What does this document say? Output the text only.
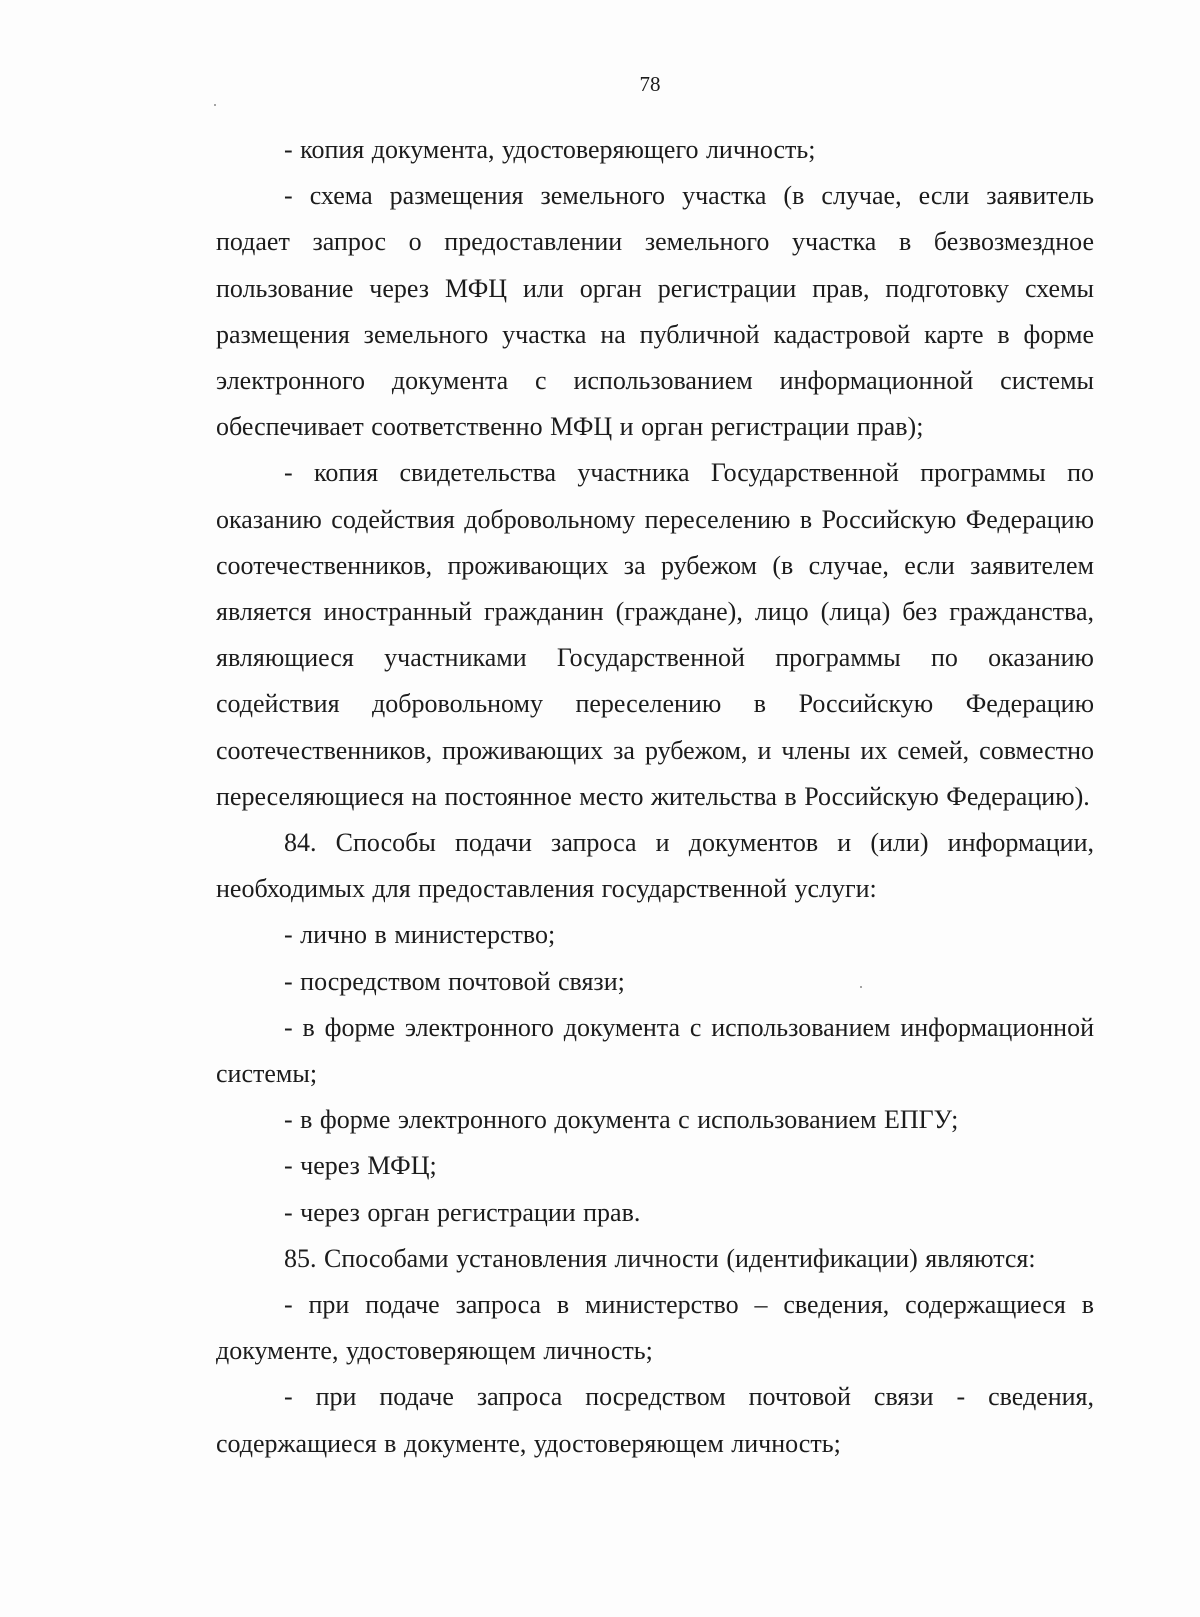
78

- копия документа, удостоверяющего личность;

- схема размещения земельного участка (в случае, если заявитель подает запрос о предоставлении земельного участка в безвозмездное пользование через МФЦ или орган регистрации прав, подготовку схемы размещения земельного участка на публичной кадастровой карте в форме электронного документа с использованием информационной системы обеспечивает соответственно МФЦ и орган регистрации прав);

- копия свидетельства участника Государственной программы по оказанию содействия добровольному переселению в Российскую Федерацию соотечественников, проживающих за рубежом (в случае, если заявителем является иностранный гражданин (граждане), лицо (лица) без гражданства, являющиеся участниками Государственной программы по оказанию содействия добровольному переселению в Российскую Федерацию соотечественников, проживающих за рубежом, и члены их семей, совместно переселяющиеся на постоянное место жительства в Российскую Федерацию).

84. Способы подачи запроса и документов и (или) информации, необходимых для предоставления государственной услуги:

- лично в министерство;

- посредством почтовой связи;

- в форме электронного документа с использованием информационной системы;

- в форме электронного документа с использованием ЕПГУ;

- через МФЦ;

- через орган регистрации прав.

85. Способами установления личности (идентификации) являются:

- при подаче запроса в министерство – сведения, содержащиеся в документе, удостоверяющем личность;

- при подаче запроса посредством почтовой связи - сведения, содержащиеся в документе, удостоверяющем личность;
